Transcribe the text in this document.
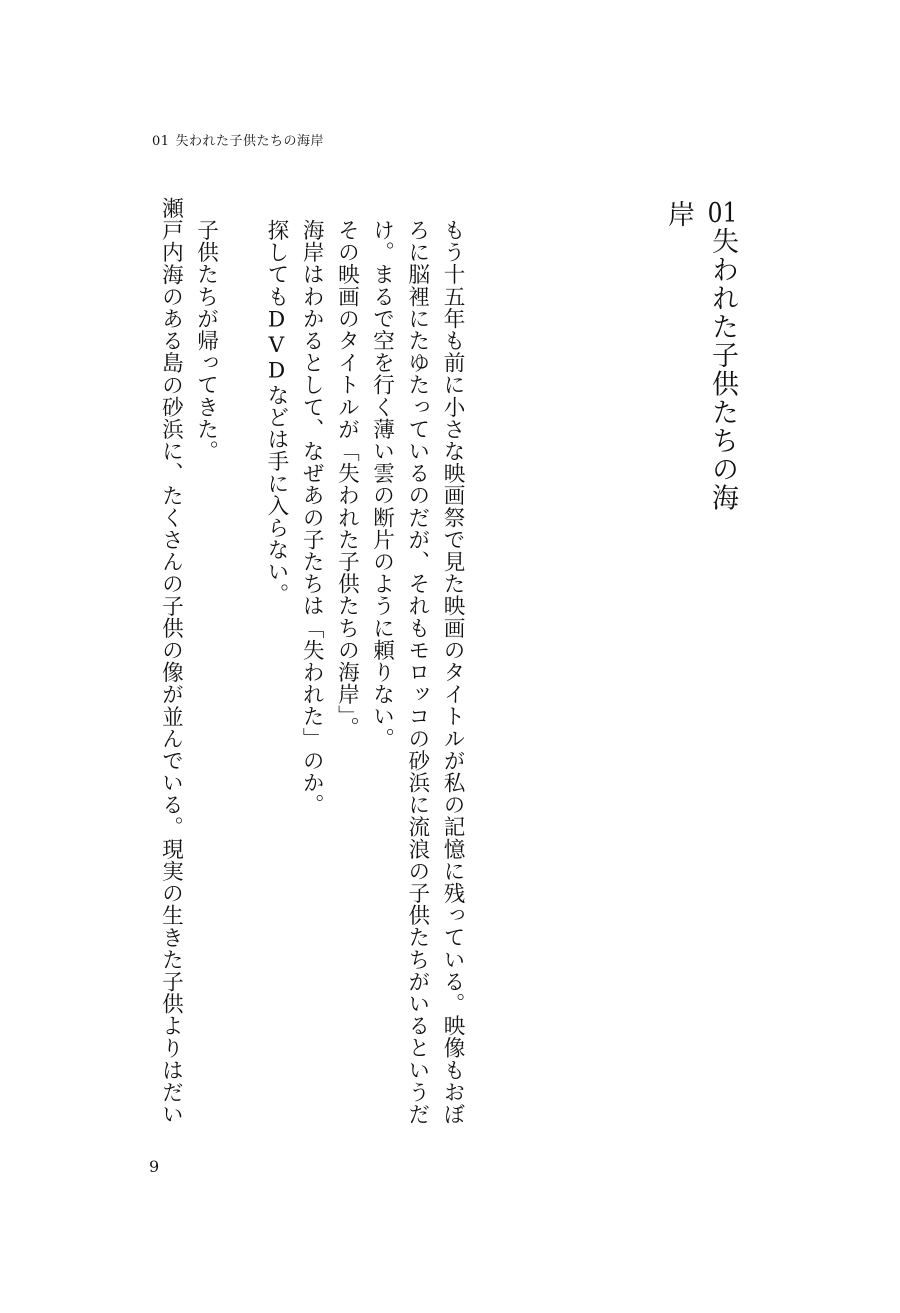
01 失われた子供たちの海岸
01失われた子供たちの海岸

もう十五年も前に小さな映画祭で見た映画のタイトルが私の記憶に残っている。映像もおぼろに脳裡にたゆたっているのだが、それもモロッコの砂浜に流浪の子供たちがいるというだけ。まるで空を行く薄い雲の断片のように頼りない。

その映画のタイトルが「失われた子供たちの海岸」。

海岸はわかるとして、なぜあの子たちは「失われた」のか。

探してもDVDなどは手に入らない。

子供たちが帰ってきた。

瀬戸内海のある島の砂浜に、たくさんの子供の像が並んでいる。現実の生きた子供よりはだい

9
